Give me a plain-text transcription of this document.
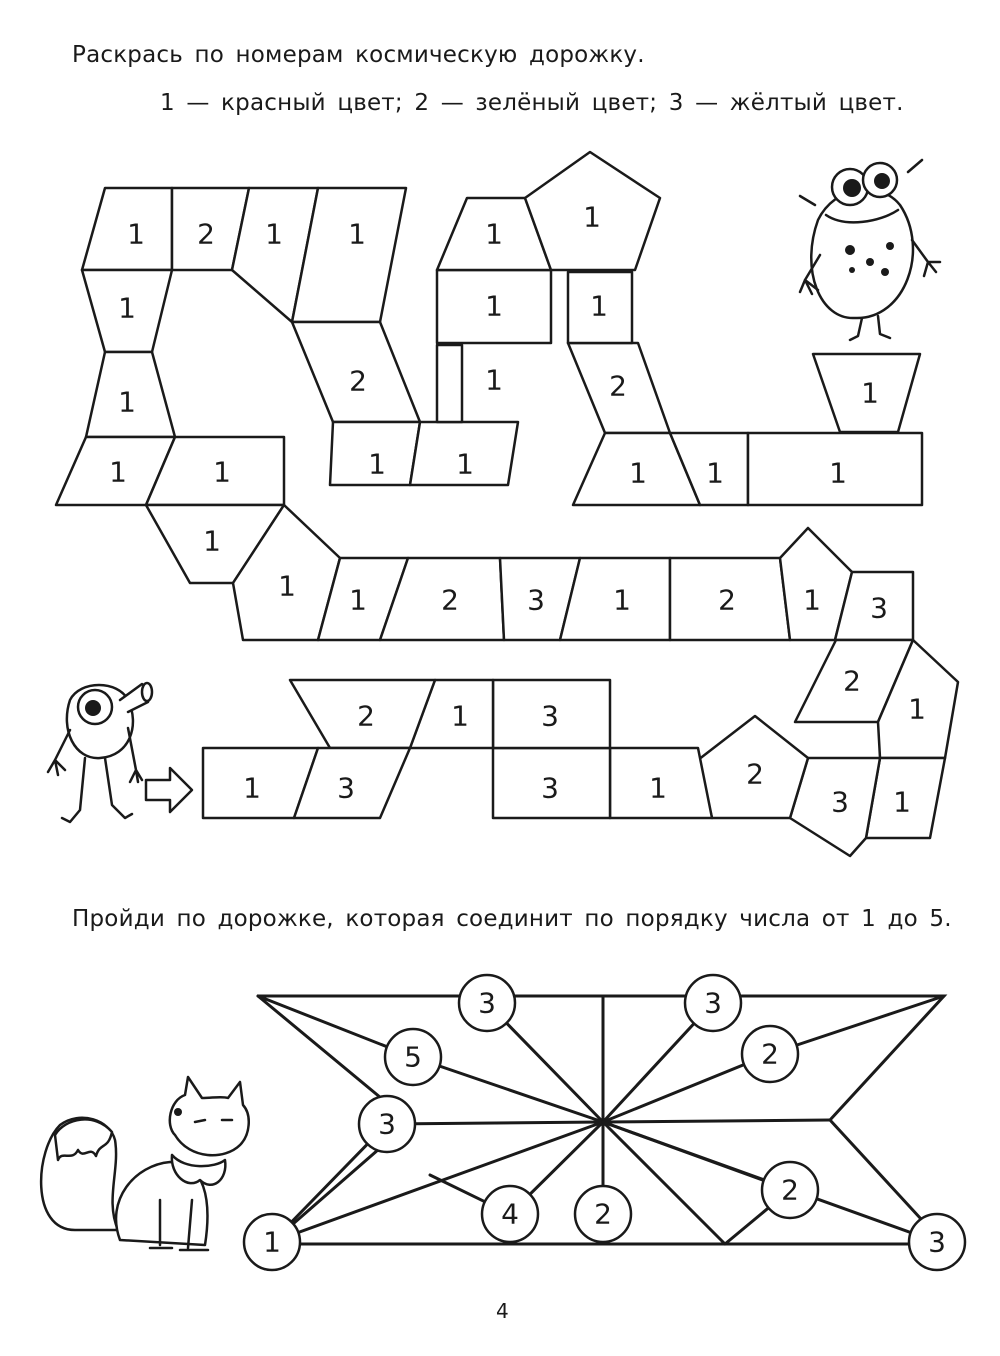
Раскрась по номерам космическую дорожку.

1 — красный цвет; 2 — зелёный цвет; 3 — жёлтый цвет.

1 2 1 1
1
1
2
1	1
1
1
1	1
1
1
1
2
1
1
1 1	1
1
1	2 3 1	2 1 3
2
1
1
3
2
1
3
3
1
2
1	3
3
5
3
3
2
1
4	2
2
3

Пройди по дорожке, которая соединит по порядку числа от 1 до 5.

4
